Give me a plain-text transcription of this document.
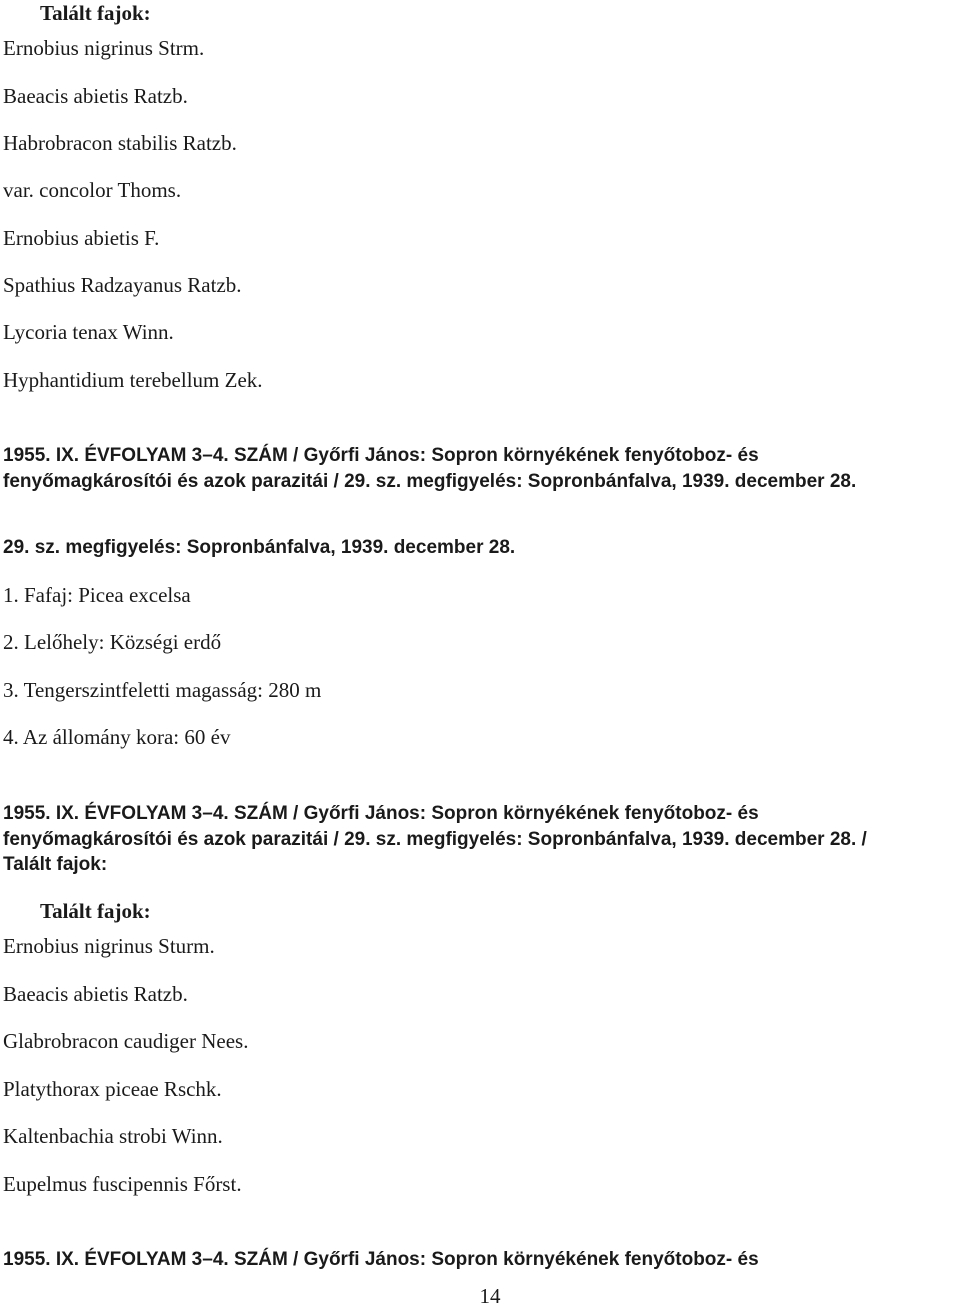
Talált fajok:
Ernobius nigrinus Strm.
Baeacis abietis Ratzb.
Habrobracon stabilis Ratzb.
var. concolor Thoms.
Ernobius abietis F.
Spathius Radzayanus Ratzb.
Lycoria tenax Winn.
Hyphantidium terebellum Zek.
1955. IX. ÉVFOLYAM 3–4. SZÁM / Győrfi János: Sopron környékének fenyőtoboz- és
fenyőmagkárosítói és azok parazitái / 29. sz. megfigyelés: Sopronbánfalva, 1939. december 28.
29. sz. megfigyelés: Sopronbánfalva, 1939. december 28.
1. Fafaj: Picea excelsa
2. Lelőhely: Községi erdő
3. Tengerszintfeletti magasság: 280 m
4. Az állomány kora: 60 év
1955. IX. ÉVFOLYAM 3–4. SZÁM / Győrfi János: Sopron környékének fenyőtoboz- és
fenyőmagkárosítói és azok parazitái / 29. sz. megfigyelés: Sopronbánfalva, 1939. december 28. /
Talált fajok:
Talált fajok:
Ernobius nigrinus Sturm.
Baeacis abietis Ratzb.
Glabrobracon caudiger Nees.
Platythorax piceae Rschk.
Kaltenbachia strobi Winn.
Eupelmus fuscipennis Főrst.
1955. IX. ÉVFOLYAM 3–4. SZÁM / Győrfi János: Sopron környékének fenyőtoboz- és
14
